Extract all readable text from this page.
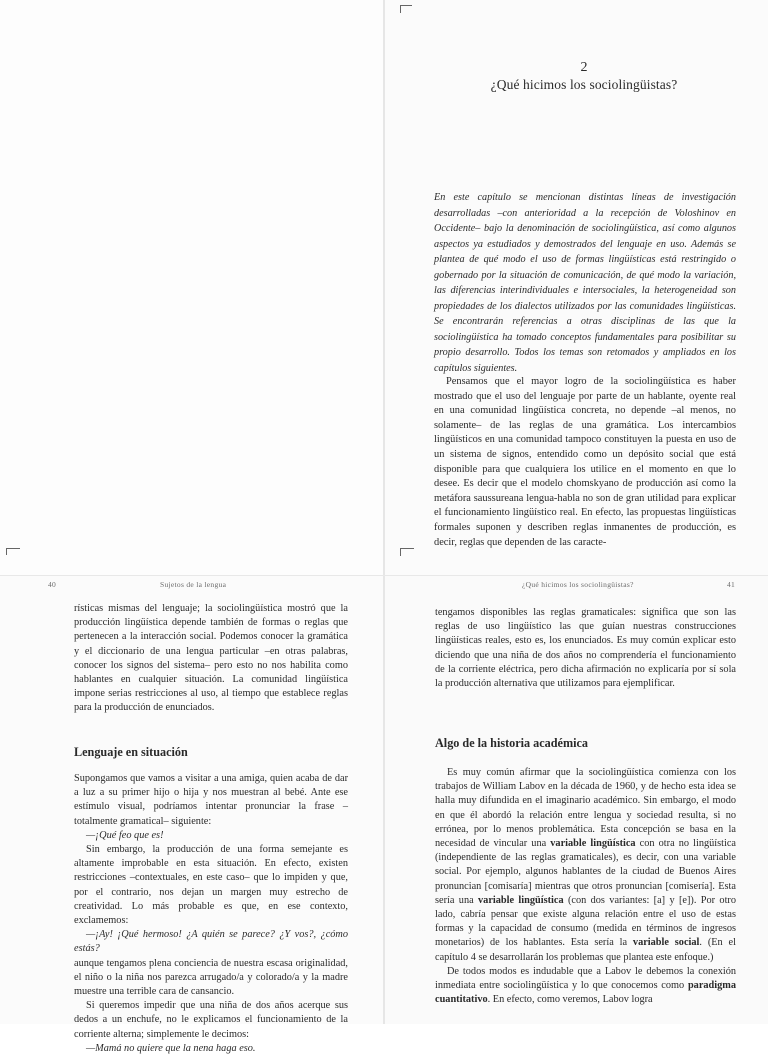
2
¿Qué hicimos los sociolingüistas?
En este capítulo se mencionan distintas líneas de investigación desarrolladas –con anterioridad a la recepción de Voloshinov en Occidente– bajo la denominación de sociolingüística, así como algunos aspectos ya estudiados y demostrados del lenguaje en uso. Además se plantea de qué modo el uso de formas lingüísticas está restringido o gobernado por la situación de comunicación, de qué modo la variación, las diferencias interindividuales e intersociales, la heterogeneidad son propiedades de los dialectos utilizados por las comunidades lingüísticas. Se encontrarán referencias a otras disciplinas de las que la sociolingüística ha tomado conceptos fundamentales para posibilitar su propio desarrollo. Todos los temas son retomados y ampliados en los capítulos siguientes.

Pensamos que el mayor logro de la sociolingüística es haber mostrado que el uso del lenguaje por parte de un hablante, oyente real en una comunidad lingüística concreta, no depende –al menos, no solamente– de las reglas de una gramática. Los intercambios lingüísticos en una comunidad tampoco constituyen la puesta en uso de un sistema de signos, entendido como un depósito social que está disponible para que cualquiera los utilice en el momento en que lo desee. Es decir que el modelo chomskyano de producción así como la metáfora saussureana lengua-habla no son de gran utilidad para explicar el funcionamiento lingüístico real. En efecto, las propuestas lingüísticas formales suponen y describen reglas inmanentes de producción, es decir, reglas que dependen de las caracte-

rísticas mismas del lenguaje; la sociolingüística mostró que la producción lingüística depende también de formas o reglas que pertenecen a la interacción social. Podemos conocer la gramática y el diccionario de una lengua particular –en otras palabras, conocer los signos del sistema– pero esto no nos habilita como hablantes en cualquier situación. La comunidad lingüística impone serias restricciones al uso, al tiempo que establece reglas para la producción de enunciados.

Lenguaje en situación

Supongamos que vamos a visitar a una amiga, quien acaba de dar a luz a su primer hijo o hija y nos muestran al bebé. Ante ese estímulo visual, podríamos intentar pronunciar la frase –totalmente gramatical– siguiente:

—¡Qué feo que es!

Sin embargo, la producción de una forma semejante es altamente improbable en esta situación. En efecto, existen restricciones –contextuales, en este caso– que lo impiden y que, por el contrario, nos dejan un margen muy estrecho de creatividad. Lo más probable es que, en ese contexto, exclamemos:

—¡Ay! ¡Qué hermoso! ¿A quién se parece? ¿Y vos?, ¿cómo estás?

aunque tengamos plena conciencia de nuestra escasa originalidad, el niño o la niña nos parezca arrugado/a y colorado/a y la madre muestre una terrible cara de cansancio.

Si queremos impedir que una niña de dos años acerque sus dedos a un enchufe, no le explicamos el funcionamiento de la corriente alterna; simplemente le decimos:

—Mamá no quiere que la nena haga eso.

tengamos disponibles las reglas gramaticales: significa que son las reglas de uso lingüístico las que guían nuestras construcciones lingüísticas reales, esto es, los enunciados. Es muy común explicar esto diciendo que una niña de dos años no comprendería el funcionamiento de la corriente eléctrica, pero dicha afirmación no explicaría por sí sola la producción alternativa que utilizamos para ejemplificar.

Algo de la historia académica

Es muy común afirmar que la sociolingüística comienza con los trabajos de William Labov en la década de 1960, y de hecho esta idea se halla muy difundida en el imaginario académico. Sin embargo, el modo en que él abordó la relación entre lengua y sociedad resulta, si no errónea, por lo menos problemática. Esta concepción se basa en la necesidad de vincular una variable lingüística con otra no lingüística (independiente de las reglas gramaticales), es decir, con una variable social. Por ejemplo, algunos hablantes de la ciudad de Buenos Aires pronuncian [comisaría] mientras que otros pronuncian [comisería]. Esta sería una variable lingüística (con dos variantes: [a] y [e]). Por otro lado, cabría pensar que existe alguna relación entre el uso de estas formas y la capacidad de consumo (medida en términos de ingresos monetarios) de los hablantes. Esta sería la variable social. (En el capítulo 4 se desarrollarán los problemas que plantea este enfoque.)

De todos modos es indudable que a Labov le debemos la conexión inmediata entre sociolingüística y lo que conocemos como paradigma cuantitativo. En efecto, como veremos, Labov logra

40	Sujetos de la lengua	¿Qué hicimos los sociolingüistas?	41
